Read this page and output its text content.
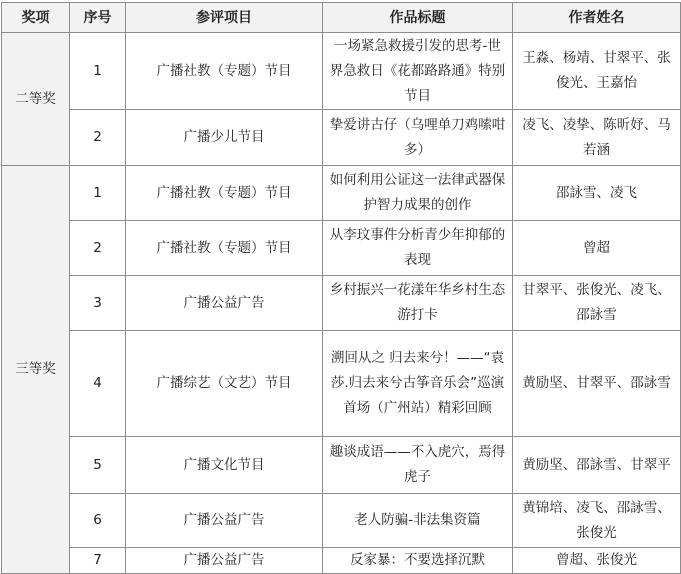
奖项	序号	参评项目	作品标题	作者姓名
二等奖	1	广播社教（专题）节目	一场紧急救援引发的思考-世界急救日《花都路路通》特别节目	王淼、杨靖、甘翠平、张俊光、王嘉怡
	2	广播少儿节目	挚爱讲古仔（乌哩单刀鸡嗦咁多）	凌飞、凌挚、陈昕妤、马若涵
三等奖	1	广播社教（专题）节目	如何利用公证这一法律武器保护智力成果的创作	邵詠雪、凌飞
	2	广播社教（专题）节目	从李玟事件分析青少年抑郁的表现	曾超
	3	广播公益广告	乡村振兴一花漾年华乡村生态游打卡	甘翠平、张俊光、凌飞、邵詠雪
	4	广播综艺（文艺）节目	溯回从之 归去来兮！——“袁莎.归去来兮古筝音乐会”巡演首场（广州站）精彩回顾	黄励坚、甘翠平、邵詠雪
	5	广播文化节目	趣谈成语——不入虎穴，焉得虎子	黄励坚、邵詠雪、甘翠平
	6	广播公益广告	老人防骗-非法集资篇	黄锦培、凌飞、邵詠雪、张俊光
	7	广播公益广告	反家暴：不要选择沉默	曾超、张俊光
